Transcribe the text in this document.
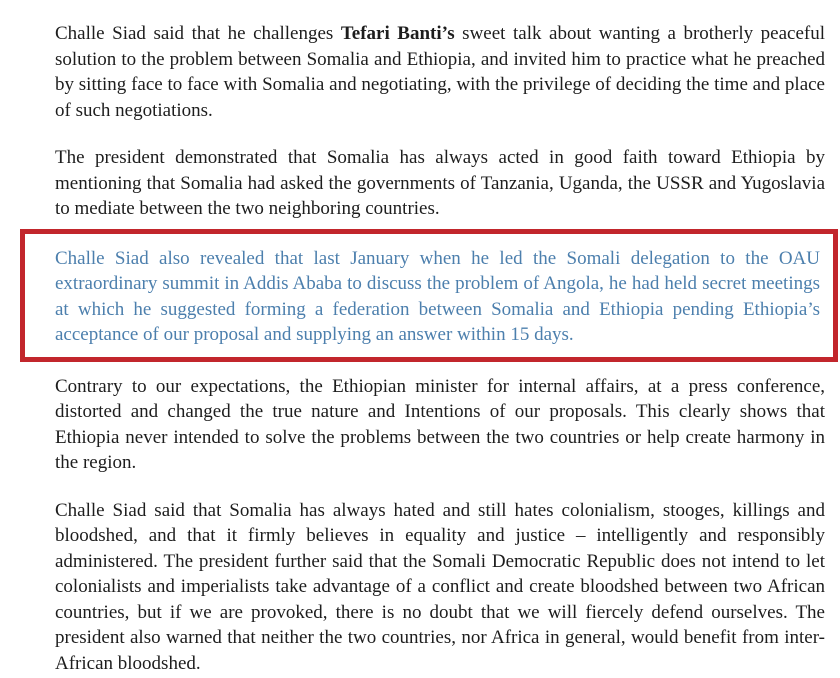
Challe Siad said that he challenges Tefari Banti’s sweet talk about wanting a brotherly peaceful solution to the problem between Somalia and Ethiopia, and invited him to practice what he preached by sitting face to face with Somalia and negotiating, with the privilege of deciding the time and place of such negotiations.

The president demonstrated that Somalia has always acted in good faith toward Ethiopia by mentioning that Somalia had asked the governments of Tanzania, Uganda, the USSR and Yugoslavia to mediate between the two neighboring countries.

Challe Siad also revealed that last January when he led the Somali delegation to the OAU extraordinary summit in Addis Ababa to discuss the problem of Angola, he had held secret meetings at which he suggested forming a federation between Somalia and Ethiopia pending Ethiopia’s acceptance of our proposal and supplying an answer within 15 days.

Contrary to our expectations, the Ethiopian minister for internal affairs, at a press conference, distorted and changed the true nature and Intentions of our proposals. This clearly shows that Ethiopia never intended to solve the problems between the two countries or help create harmony in the region.

Challe Siad said that Somalia has always hated and still hates colonialism, stooges, killings and bloodshed, and that it firmly believes in equality and justice – intelligently and responsibly administered. The president further said that the Somali Democratic Republic does not intend to let colonialists and imperialists take advantage of a conflict and create bloodshed between two African countries, but if we are provoked, there is no doubt that we will fiercely defend ourselves. The president also warned that neither the two countries, nor Africa in general, would benefit from inter-African bloodshed.
